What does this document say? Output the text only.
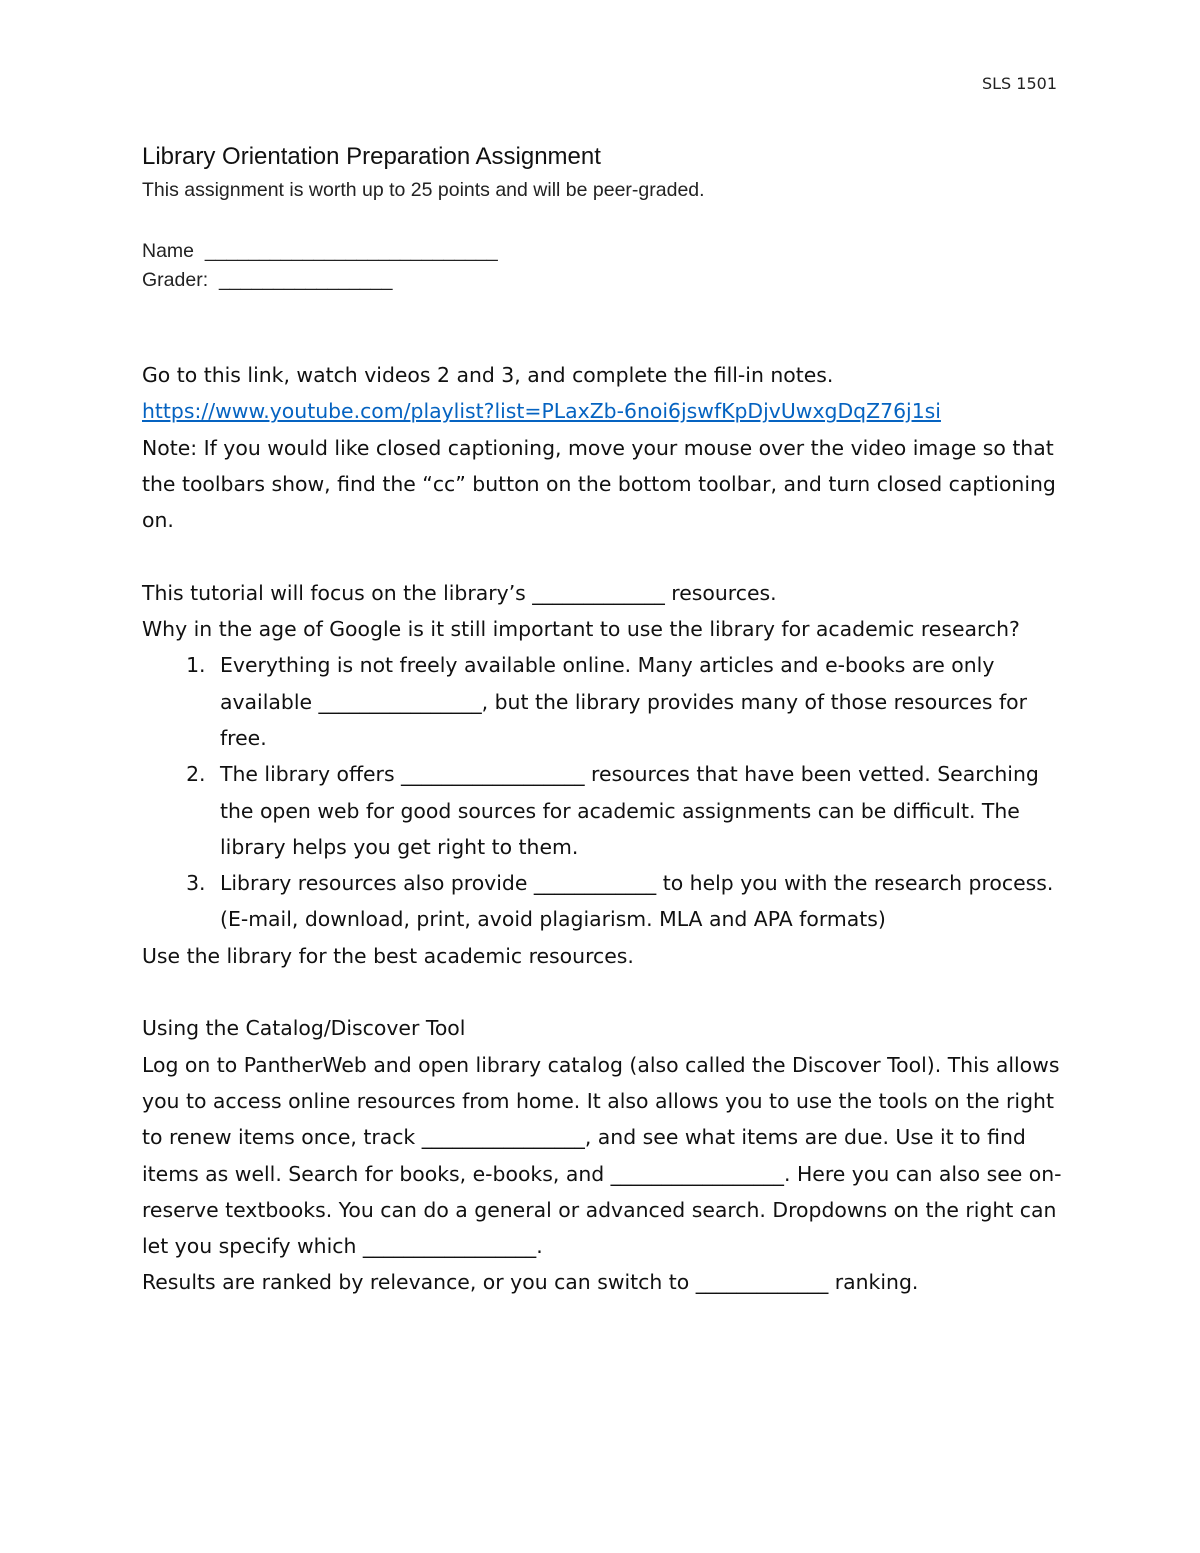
SLS 1501
Library Orientation Preparation Assignment
This assignment is worth up to 25 points and will be peer-graded.
Name  ___________________________
Grader:  ________________

Go to this link, watch videos 2 and 3, and complete the fill-in notes.

https://www.youtube.com/playlist?list=PLaxZb-6noi6jswfKpDjvUwxgDqZ76j1si

Note: If you would like closed captioning, move your mouse over the video image so that the toolbars show, find the “cc” button on the bottom toolbar, and turn closed captioning on.

This tutorial will focus on the library’s _____________ resources.

Why in the age of Google is it still important to use the library for academic research?

1. Everything is not freely available online. Many articles and e-books are only available ________________, but the library provides many of those resources for free.
2. The library offers __________________ resources that have been vetted. Searching the open web for good sources for academic assignments can be difficult. The library helps you get right to them.
3. Library resources also provide ____________ to help you with the research process. (E-mail, download, print, avoid plagiarism. MLA and APA formats)

Use the library for the best academic resources.

Using the Catalog/Discover Tool

Log on to PantherWeb and open library catalog (also called the Discover Tool). This allows you to access online resources from home. It also allows you to use the tools on the right to renew items once, track ________________, and see what items are due. Use it to find items as well. Search for books, e-books, and _________________. Here you can also see on-reserve textbooks. You can do a general or advanced search. Dropdowns on the right can let you specify which _________________.

Results are ranked by relevance, or you can switch to _____________ ranking.
